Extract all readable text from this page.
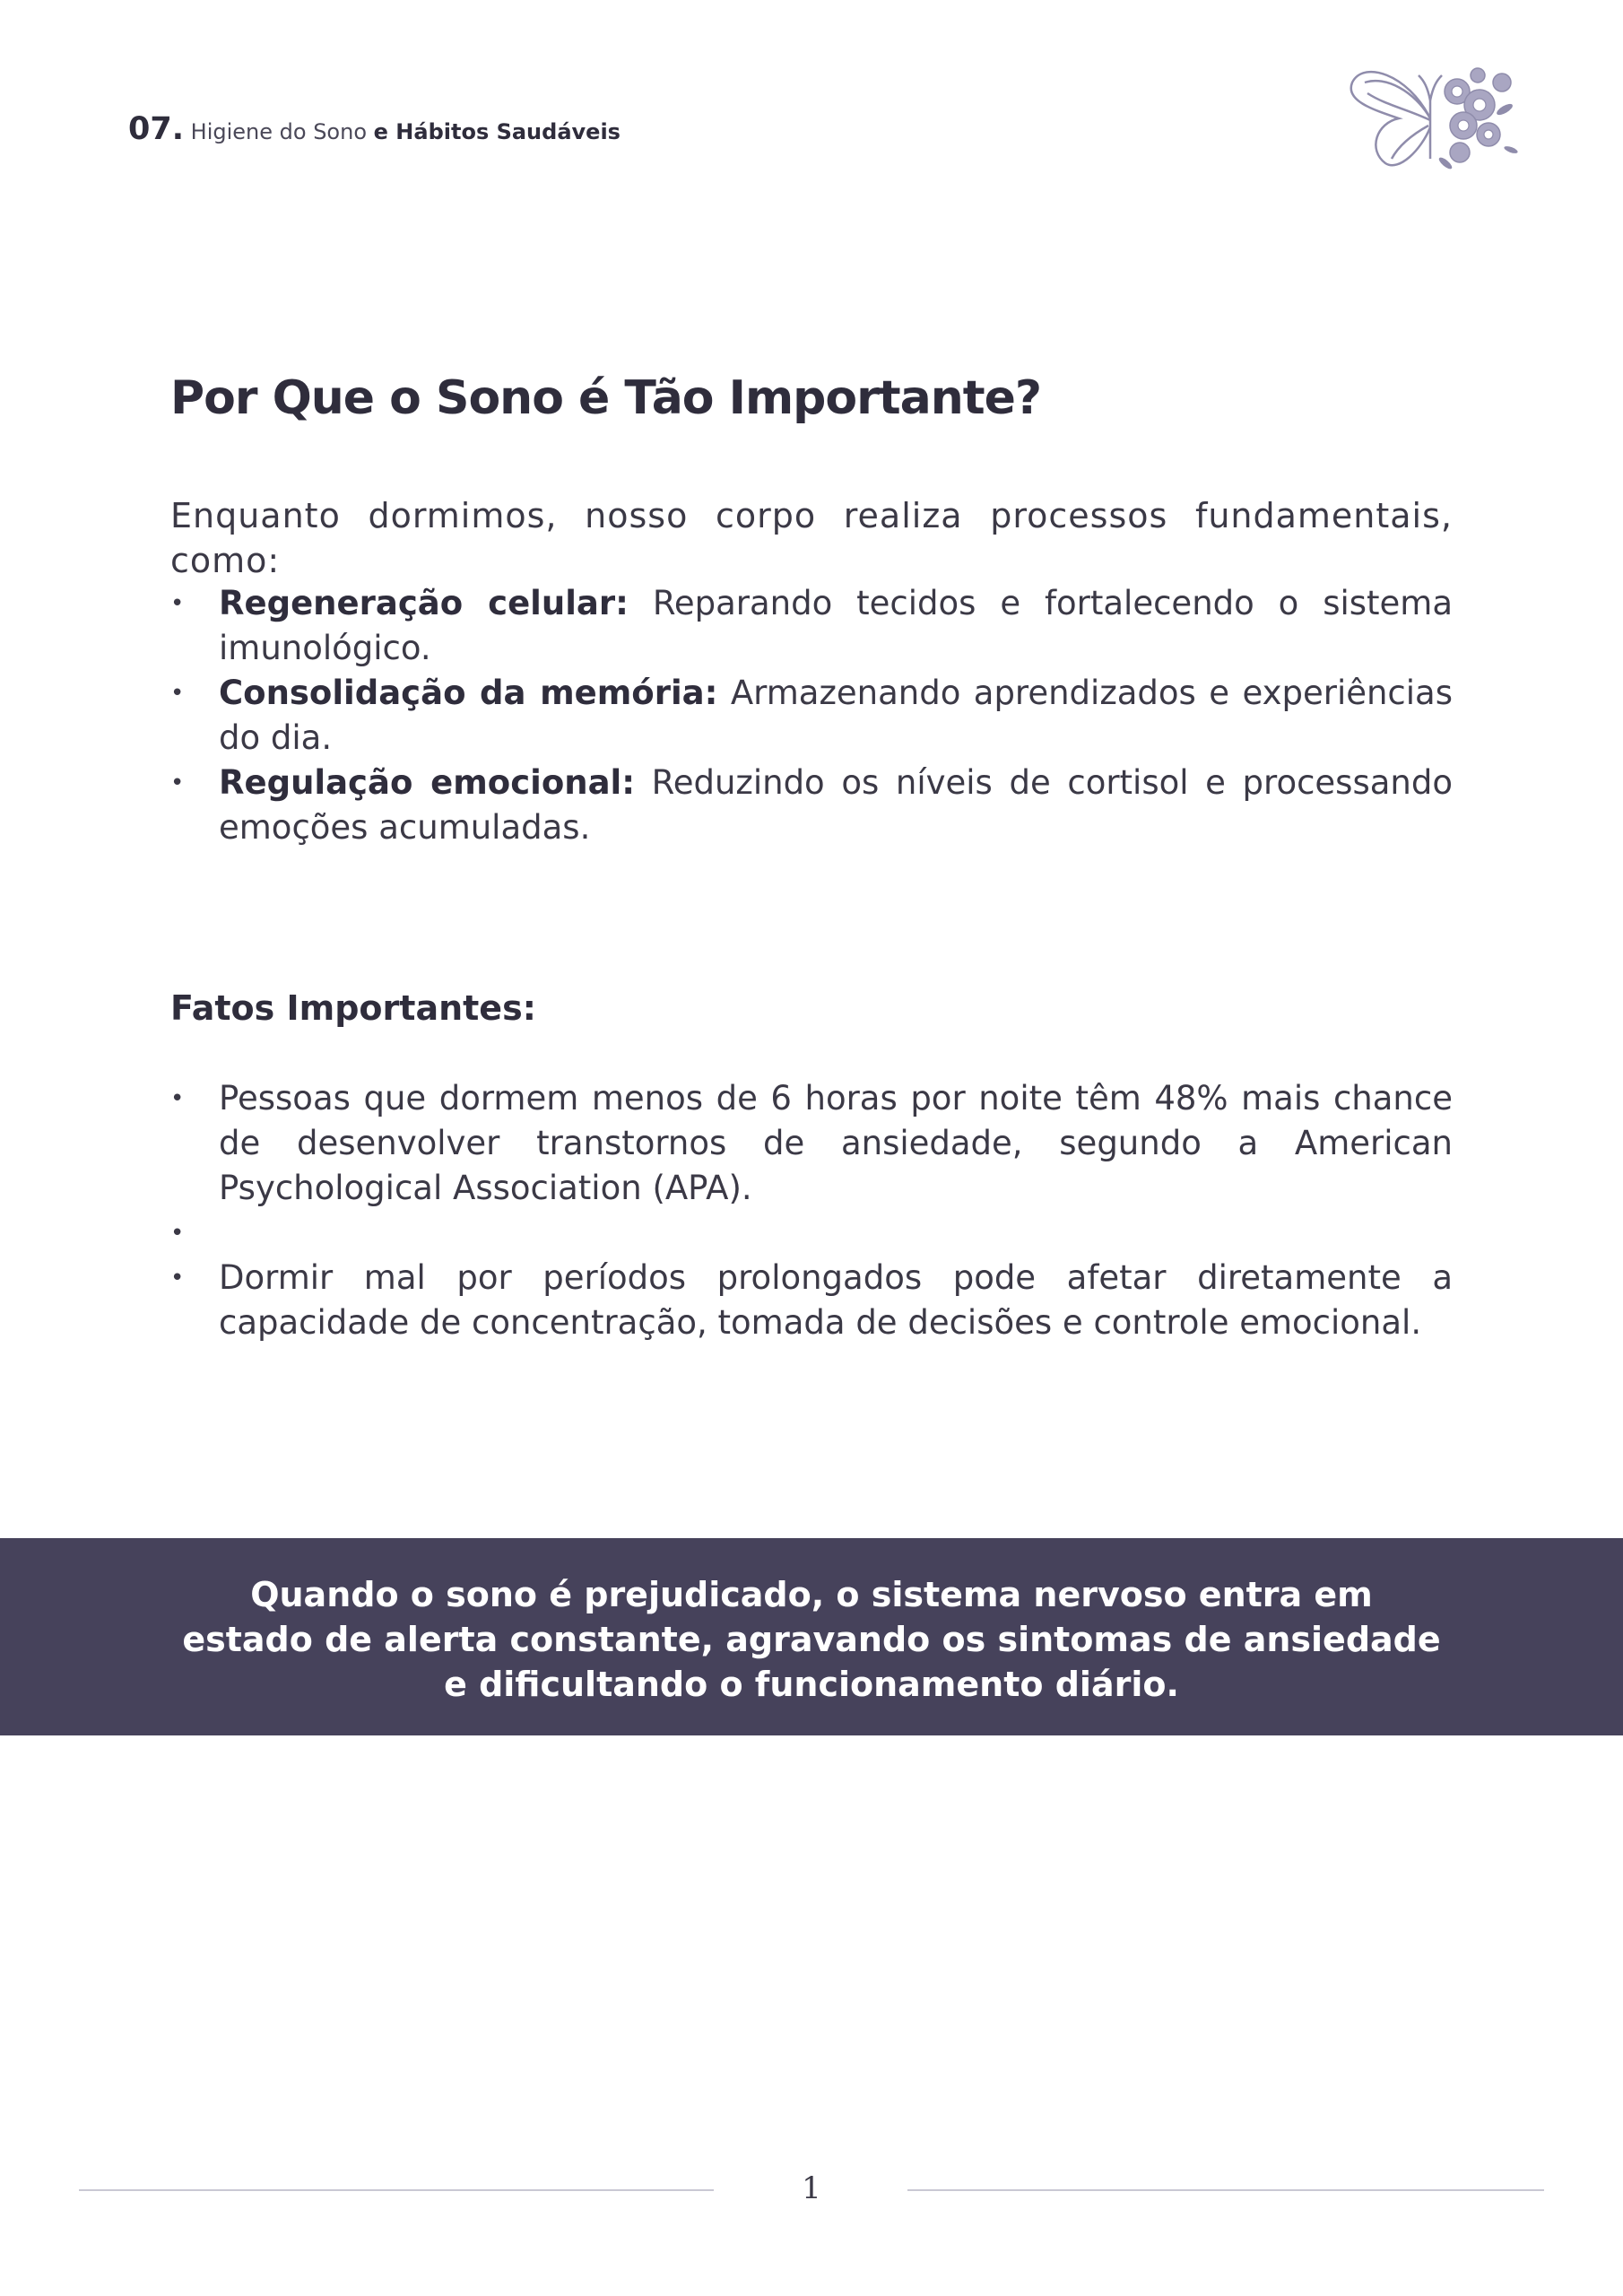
07. Higiene do Sono e Hábitos Saudáveis
Por Que o Sono é Tão Importante?

Enquanto dormimos, nosso corpo realiza processos fundamentais, como:

• Regeneração celular: Reparando tecidos e fortalecendo o sistema imunológico.
• Consolidação da memória: Armazenando aprendizados e experiências do dia.
• Regulação emocional: Reduzindo os níveis de cortisol e processando emoções acumuladas.
Fatos Importantes:
• Pessoas que dormem menos de 6 horas por noite têm 48% mais chance de desenvolver transtornos de ansiedade, segundo a American Psychological Association (APA).
•

• Dormir mal por períodos prolongados pode afetar diretamente a capacidade de concentração, tomada de decisões e controle emocional.

Quando o sono é prejudicado, o sistema nervoso entra em estado de alerta constante, agravando os sintomas de ansiedade e dificultando o funcionamento diário.

1
